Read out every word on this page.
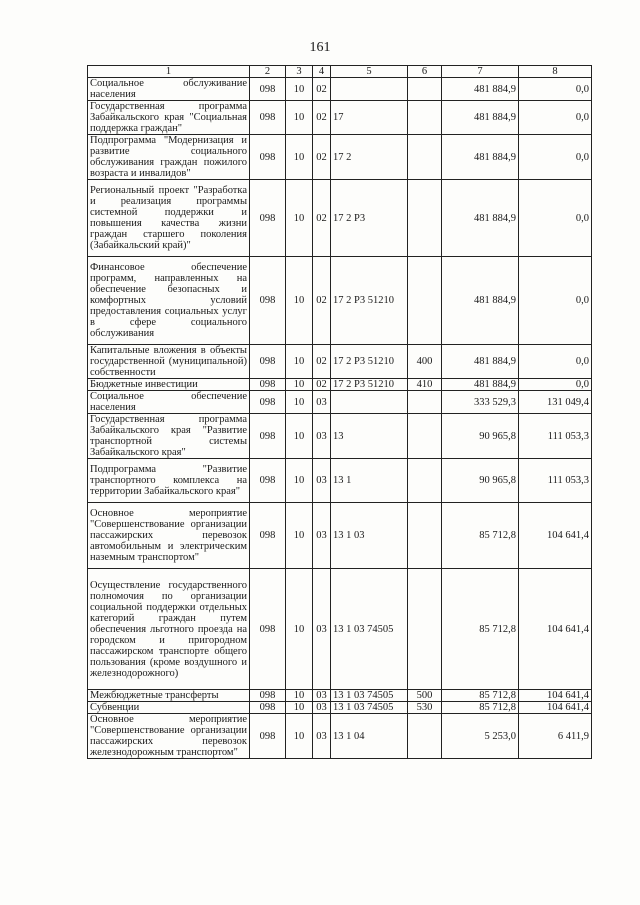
161
1	2	3	4	5	6	7	8
Социальное обслуживание населения	098	10	02			481 884,9	0,0
Государственная программа Забайкальского края "Социальная поддержка граждан"	098	10	02	17		481 884,9	0,0
Подпрограмма "Модернизация и развитие социального обслуживания граждан пожилого возраста и инвалидов"	098	10	02	17 2		481 884,9	0,0
Региональный проект "Разработка и реализация программы системной поддержки и повышения качества жизни граждан старшего поколения (Забайкальский край)"	098	10	02	17 2 P3		481 884,9	0,0
Финансовое обеспечение программ, направленных на обеспечение безопасных и комфортных условий предоставления социальных услуг в сфере социального обслуживания	098	10	02	17 2 P3 51210		481 884,9	0,0
Капитальные вложения в объекты государственной (муниципальной) собственности	098	10	02	17 2 P3 51210	400	481 884,9	0,0
Бюджетные инвестиции	098	10	02	17 2 P3 51210	410	481 884,9	0,0
Социальное обеспечение населения	098	10	03			333 529,3	131 049,4
Государственная программа Забайкальского края "Развитие транспортной системы Забайкальского края"	098	10	03	13		90 965,8	111 053,3
Подпрограмма "Развитие транспортного комплекса на территории Забайкальского края"	098	10	03	13 1		90 965,8	111 053,3
Основное мероприятие "Совершенствование организации пассажирских перевозок автомобильным и электрическим наземным транспортом"	098	10	03	13 1 03		85 712,8	104 641,4
Осуществление государственного полномочия по организации социальной поддержки отдельных категорий граждан путем обеспечения льготного проезда на городском и пригородном пассажирском транспорте общего пользования (кроме воздушного и железнодорожного)	098	10	03	13 1 03 74505		85 712,8	104 641,4
Межбюджетные трансферты	098	10	03	13 1 03 74505	500	85 712,8	104 641,4
Субвенции	098	10	03	13 1 03 74505	530	85 712,8	104 641,4
Основное мероприятие "Совершенствование организации пассажирских перевозок железнодорожным транспортом"	098	10	03	13 1 04		5 253,0	6 411,9
